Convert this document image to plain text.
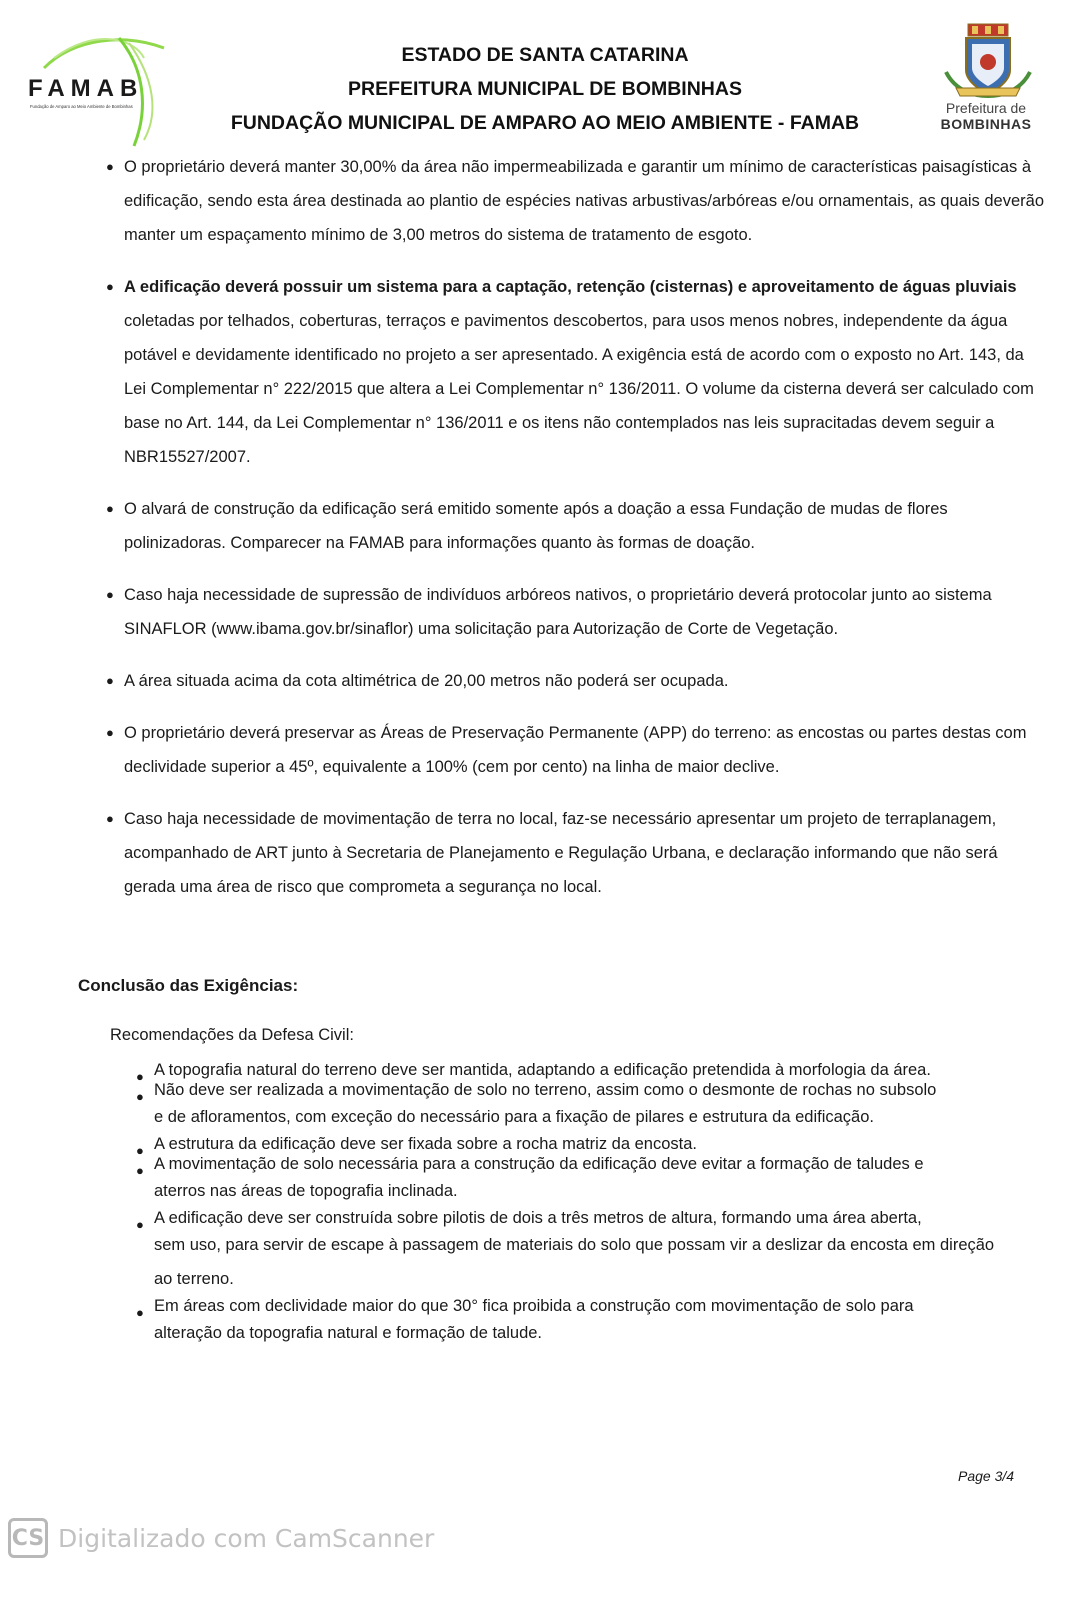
FAMAB
Fundação de Amparo ao Meio Ambiente de Bombinhas
ESTADO DE SANTA CATARINA
PREFEITURA MUNICIPAL DE BOMBINHAS
FUNDAÇÃO MUNICIPAL DE AMPARO AO MEIO AMBIENTE - FAMAB
Prefeitura de
BOMBINHAS
● O proprietário deverá manter 30,00% da área não impermeabilizada e garantir um mínimo de características paisagísticas à edificação, sendo esta área destinada ao plantio de espécies nativas arbustivas/arbóreas e/ou ornamentais, as quais deverão manter um espaçamento mínimo de 3,00 metros do sistema de tratamento de esgoto.
● A edificação deverá possuir um sistema para a captação, retenção (cisternas) e aproveitamento de águas pluviais coletadas por telhados, coberturas, terraços e pavimentos descobertos, para usos menos nobres, independente da água potável e devidamente identificado no projeto a ser apresentado. A exigência está de acordo com o exposto no Art. 143, da Lei Complementar n° 222/2015 que altera a Lei Complementar n° 136/2011. O volume da cisterna deverá ser calculado com base no Art. 144, da Lei Complementar n° 136/2011 e os itens não contemplados nas leis supracitadas devem seguir a NBR15527/2007.
● O alvará de construção da edificação será emitido somente após a doação a essa Fundação de mudas de flores polinizadoras. Comparecer na FAMAB para informações quanto às formas de doação.
● Caso haja necessidade de supressão de indivíduos arbóreos nativos, o proprietário deverá protocolar junto ao sistema SINAFLOR (www.ibama.gov.br/sinaflor) uma solicitação para Autorização de Corte de Vegetação.
● A área situada acima da cota altimétrica de 20,00 metros não poderá ser ocupada.
● O proprietário deverá preservar as Áreas de Preservação Permanente (APP) do terreno: as encostas ou partes destas com declividade superior a 45º, equivalente a 100% (cem por cento) na linha de maior declive.
● Caso haja necessidade de movimentação de terra no local, faz-se necessário apresentar um projeto de terraplanagem, acompanhado de ART junto à Secretaria de Planejamento e Regulação Urbana, e declaração informando que não será gerada uma área de risco que comprometa a segurança no local.
Conclusão das Exigências:
Recomendações da Defesa Civil:
● A topografia natural do terreno deve ser mantida, adaptando a edificação pretendida à morfologia da área.
● Não deve ser realizada a movimentação de solo no terreno, assim como o desmonte de rochas no subsolo
e de afloramentos, com exceção do necessário para a fixação de pilares e estrutura da edificação.
● A estrutura da edificação deve ser fixada sobre a rocha matriz da encosta.
● A movimentação de solo necessária para a construção da edificação deve evitar a formação de taludes e
aterros nas áreas de topografia inclinada.
● A edificação deve ser construída sobre pilotis de dois a três metros de altura, formando uma área aberta,
sem uso, para servir de escape à passagem de materiais do solo que possam vir a deslizar da encosta em direção ao terreno.
● Em áreas com declividade maior do que 30° fica proibida a construção com movimentação de solo para
alteração da topografia natural e formação de talude.
Page 3/4
CS Digitalizado com CamScanner
